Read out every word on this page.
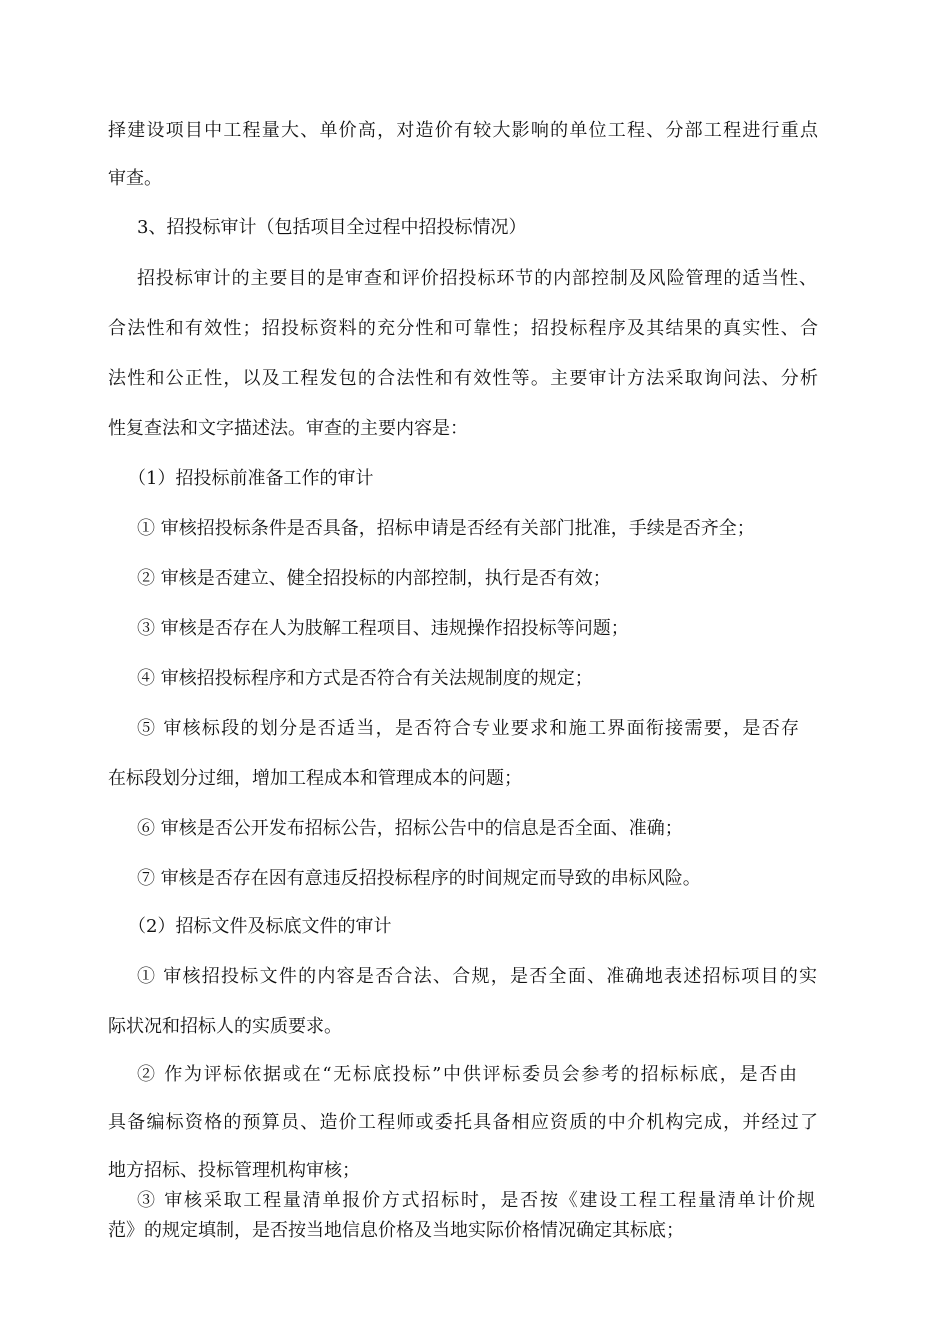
择建设项目中工程量大、单价高，对造价有较大影响的单位工程、分部工程进行重点
审查。
3、招投标审计（包括项目全过程中招投标情况）
招投标审计的主要目的是审查和评价招投标环节的内部控制及风险管理的适当性、
合法性和有效性；招投标资料的充分性和可靠性；招投标程序及其结果的真实性、合
法性和公正性，以及工程发包的合法性和有效性等。主要审计方法采取询问法、分析
性复查法和文字描述法。审查的主要内容是：
（1）招投标前准备工作的审计
① 审核招投标条件是否具备，招标申请是否经有关部门批准，手续是否齐全；
② 审核是否建立、健全招投标的内部控制，执行是否有效；
③ 审核是否存在人为肢解工程项目、违规操作招投标等问题；
④ 审核招投标程序和方式是否符合有关法规制度的规定；
⑤ 审核标段的划分是否适当，是否符合专业要求和施工界面衔接需要，是否存
在标段划分过细，增加工程成本和管理成本的问题；
⑥ 审核是否公开发布招标公告，招标公告中的信息是否全面、准确；
⑦ 审核是否存在因有意违反招投标程序的时间规定而导致的串标风险。
（2）招标文件及标底文件的审计
① 审核招投标文件的内容是否合法、合规，是否全面、准确地表述招标项目的实
际状况和招标人的实质要求。
② 作为评标依据或在“无标底投标”中供评标委员会参考的招标标底，是否由
具备编标资格的预算员、造价工程师或委托具备相应资质的中介机构完成，并经过了
地方招标、投标管理机构审核；
③ 审核采取工程量清单报价方式招标时，是否按《建设工程工程量清单计价规
范》的规定填制，是否按当地信息价格及当地实际价格情况确定其标底；
